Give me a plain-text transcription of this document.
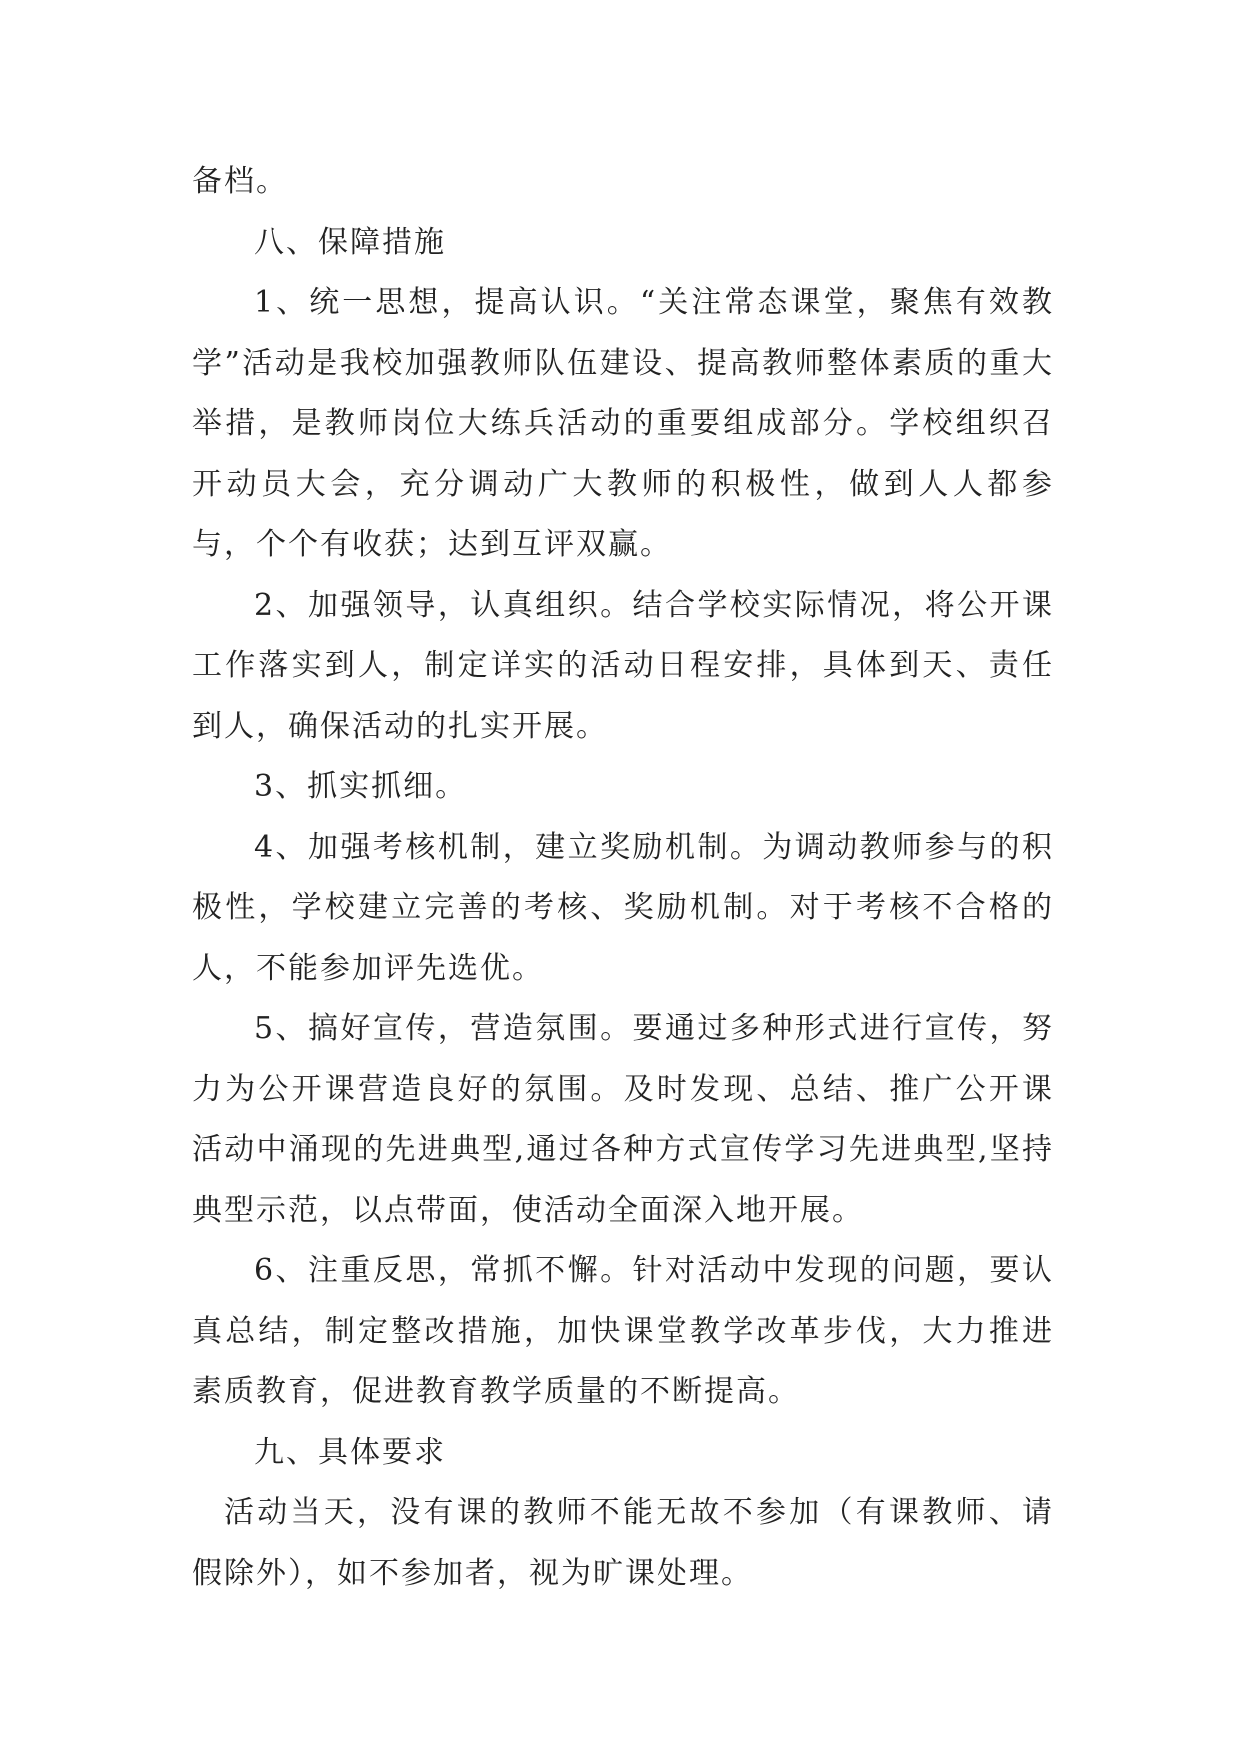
备档。

八、保障措施

1、统一思想，提高认识。“关注常态课堂，聚焦有效教学”活动是我校加强教师队伍建设、提高教师整体素质的重大举措，是教师岗位大练兵活动的重要组成部分。学校组织召开动员大会，充分调动广大教师的积极性，做到人人都参与，个个有收获；达到互评双赢。

2、加强领导，认真组织。结合学校实际情况，将公开课工作落实到人，制定详实的活动日程安排，具体到天、责任到人，确保活动的扎实开展。

3、抓实抓细。

4、加强考核机制，建立奖励机制。为调动教师参与的积极性，学校建立完善的考核、奖励机制。对于考核不合格的人，不能参加评先选优。

5、搞好宣传，营造氛围。要通过多种形式进行宣传，努力为公开课营造良好的氛围。及时发现、总结、推广公开课活动中涌现的先进典型,通过各种方式宣传学习先进典型,坚持典型示范，以点带面，使活动全面深入地开展。

6、注重反思，常抓不懈。针对活动中发现的问题，要认真总结，制定整改措施，加快课堂教学改革步伐，大力推进素质教育，促进教育教学质量的不断提高。

九、具体要求

活动当天，没有课的教师不能无故不参加（有课教师、请假除外），如不参加者，视为旷课处理。
